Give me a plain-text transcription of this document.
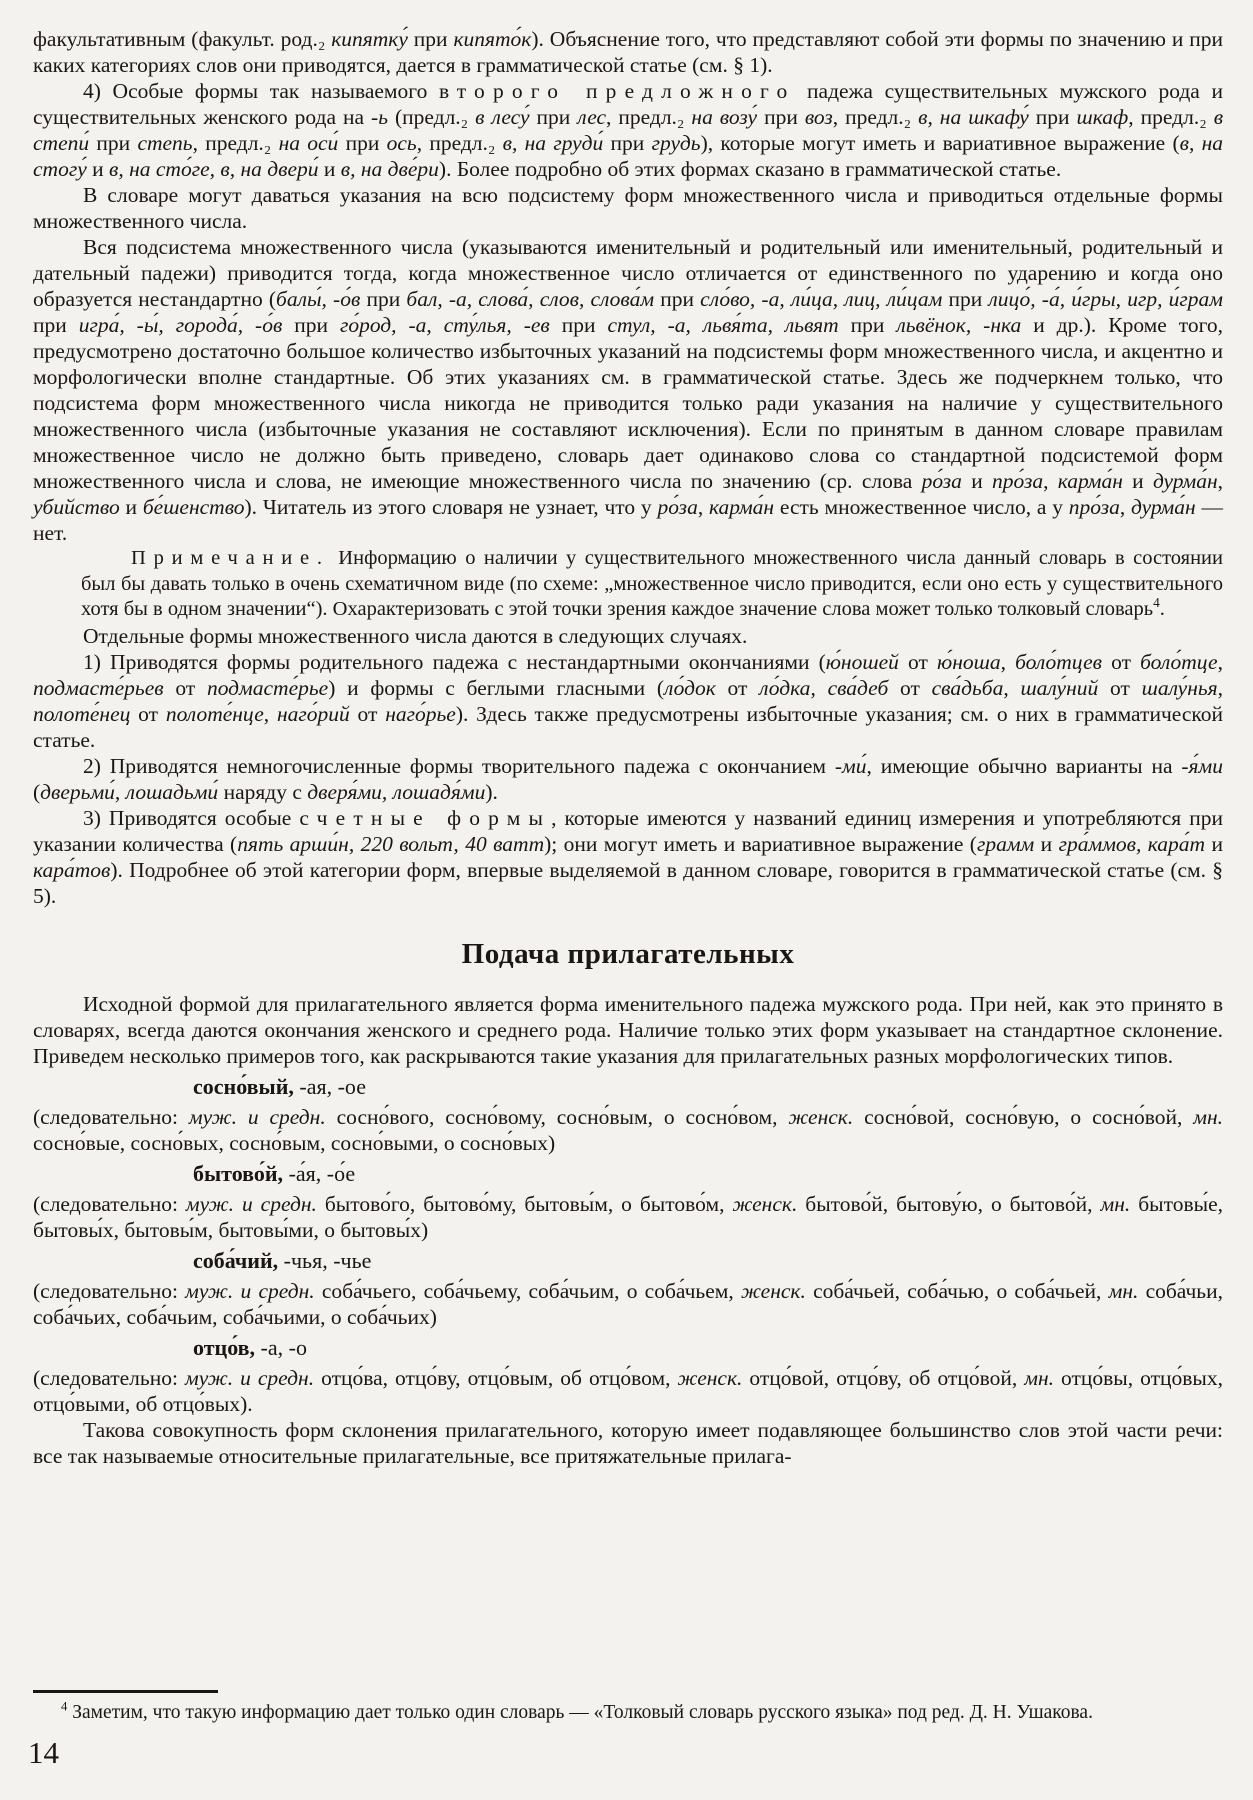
факультативным (факульт. род.₂ кипятку́ при кипято́к). Объяснение того, что представляют собой эти формы по значению и при каких категориях слов они приводятся, дается в грамматической статье (см. § 1).

4) Особые формы так называемого второго предложного падежа существительных мужского рода и существительных женского рода на -ь (предл.₂ в лесу́ при лес, предл.₂ на возу́ при воз, предл.₂ в, на шкафу́ при шкаф, предл.₂ в степи́ при степь, предл.₂ на оси́ при ось, предл.₂ в, на груди́ при грудь), которые могут иметь и вариативное выражение (в, на стогу́ и в, на сто́ге, в, на двери́ и в, на две́ри). Более подробно об этих формах сказано в грамматической статье.

В словаре могут даваться указания на всю подсистему форм множественного числа и приводиться отдельные формы множественного числа.

Вся подсистема множественного числа (указываются именительный и родительный или именительный, родительный и дательный падежи) приводится тогда, когда множественное число отличается от единственного по ударению и когда оно образуется нестандартно (балы́, -о́в при бал, -а, слова́, слов, слова́м при сло́во, -а, ли́ца, лиц, ли́цам при лицо́, -а́, и́гры, игр, и́грам при игра́, -ы́, города́, -о́в при го́род, -а, сту́лья, -ев при стул, -а, львя́та, львят при львёнок, -нка и др.). Кроме того, предусмотрено достаточно большое количество избыточных указаний на подсистемы форм множественного числа, и акцентно и морфологически вполне стандартные. Об этих указаниях см. в грамматической статье. Здесь же подчеркнем только, что подсистема форм множественного числа никогда не приводится только ради указания на наличие у существительного множественного числа (избыточные указания не составляют исключения). Если по принятым в данном словаре правилам множественное число не должно быть приведено, словарь дает одинаково слова со стандартной подсистемой форм множественного числа и слова, не имеющие множественного числа по значению (ср. слова ро́за и про́за, карма́н и дурма́н, убийство и бе́шенство). Читатель из этого словаря не узнает, что у ро́за, карма́н есть множественное число, а у про́за, дурма́н — нет.

Примечание. Информацию о наличии у существительного множественного числа данный словарь в состоянии был бы давать только в очень схематичном виде (по схеме: „множественное число приводится, если оно есть у существительного хотя бы в одном значении“). Охарактеризовать с этой точки зрения каждое значение слова может только толковый словарь$^4$.

Отдельные формы множественного числа даются в следующих случаях.

1) Приводятся формы родительного падежа с нестандартными окончаниями (ю́ношей от ю́ноша, боло́тцев от боло́тце, подмасте́рьев от подмасте́рье) и формы с беглыми гласными (ло́док от ло́дка, сва́деб от сва́дьба, шалу́ний от шалу́нья, полоте́нец от полоте́нце, наго́рий от наго́рье). Здесь также предусмотрены избыточные указания; см. о них в грамматической статье.

2) Приводятся немногочисленные формы творительного падежа с окончанием -ми́, имеющие обычно варианты на -я́ми (дверьми́, лошадьми́ наряду с дверя́ми, лошадя́ми).

3) Приводятся особые счетные формы, которые имеются у названий единиц измерения и употребляются при указании количества (пять арши́н, 220 вольт, 40 ватт); они могут иметь и вариативное выражение (грамм и гра́ммов, кара́т и кара́тов). Подробнее об этой категории форм, впервые выделяемой в данном словаре, говорится в грамматической статье (см. § 5).

Подача прилагательных

Исходной формой для прилагательного является форма именительного падежа мужского рода. При ней, как это принято в словарях, всегда даются окончания женского и среднего рода. Наличие только этих форм указывает на стандартное склонение. Приведем несколько примеров того, как раскрываются такие указания для прилагательных разных морфологических типов.

сосно́вый, -ая, -ое

(следовательно: муж. и средн. сосно́вого, сосно́вому, сосно́вым, о сосно́вом, женск. сосно́вой, сосно́вую, о сосно́вой, мн. сосно́вые, сосно́вых, сосно́вым, сосно́выми, о сосно́вых)

бытово́й, -а́я, -о́е

(следовательно: муж. и средн. бытово́го, бытово́му, бытовы́м, о бытово́м, женск. бытово́й, бытову́ю, о бытово́й, мн. бытовы́е, бытовы́х, бытовы́м, бытовы́ми, о бытовы́х)

соба́чий, -чья, -чье

(следовательно: муж. и средн. соба́чьего, соба́чьему, соба́чьим, о соба́чьем, женск. соба́чьей, соба́чью, о соба́чьей, мн. соба́чьи, соба́чьих, соба́чьим, соба́чьими, о соба́чьих)

отцо́в, -а, -о

(следовательно: муж. и средн. отцо́ва, отцо́ву, отцо́вым, об отцо́вом, женск. отцо́вой, отцо́ву, об отцо́вой, мн. отцо́вы, отцо́вых, отцо́выми, об отцо́вых).

Такова совокупность форм склонения прилагательного, которую имеет подавляющее большинство слов этой части речи: все так называемые относительные прилагательные, все притяжательные прилага-

$^4$ Заметим, что такую информацию дает только один словарь — «Толковый словарь русского языка» под ред. Д. Н. Ушакова.

14
